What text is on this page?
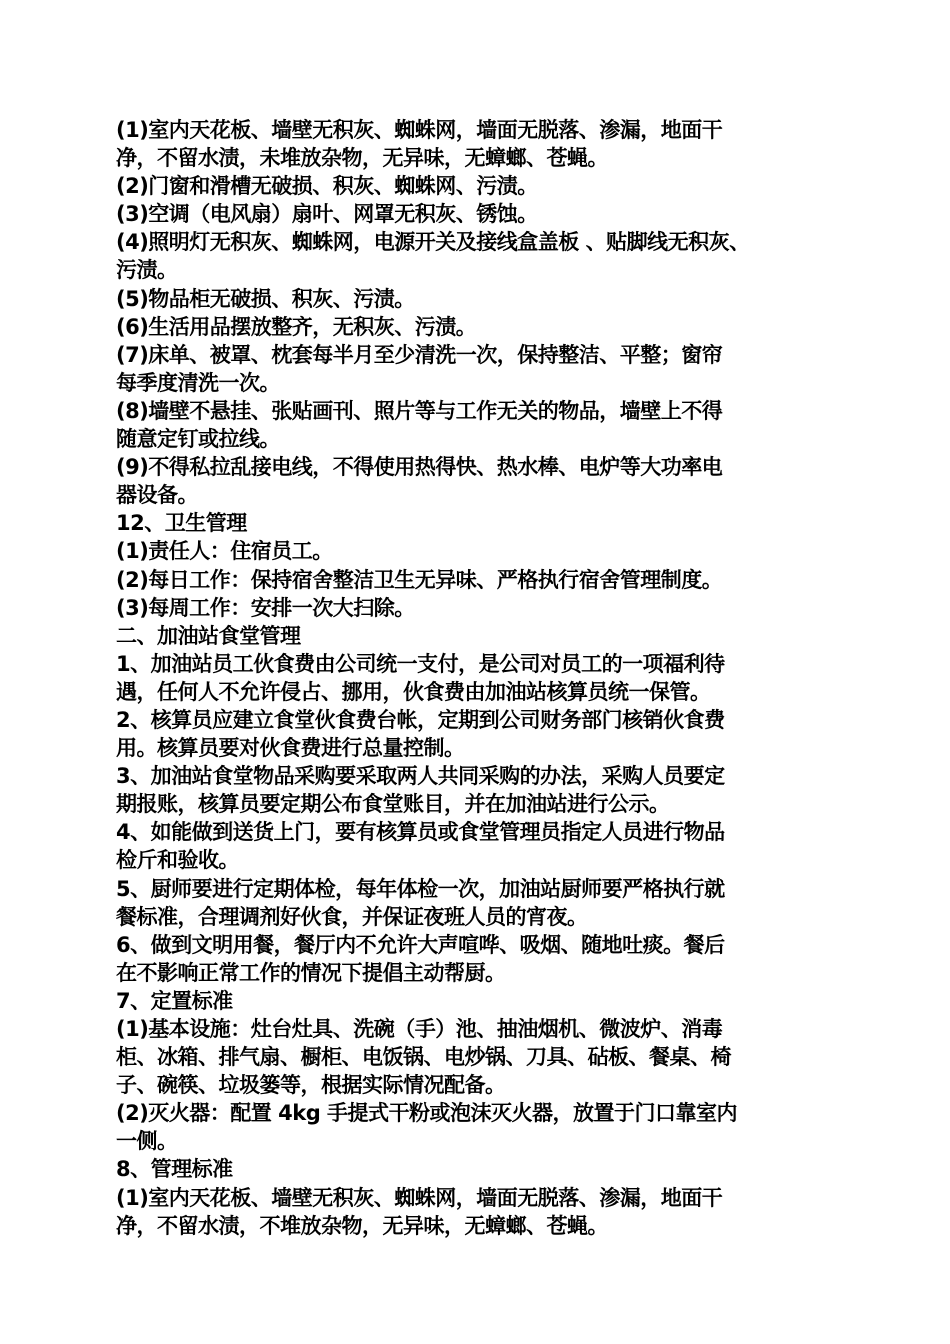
(1)室内天花板、墙壁无积灰、蜘蛛网，墙面无脱落、渗漏，地面干
净，不留水渍，未堆放杂物，无异味，无蟑螂、苍蝇。
(2)门窗和滑槽无破损、积灰、蜘蛛网、污渍。
(3)空调（电风扇）扇叶、网罩无积灰、锈蚀。
(4)照明灯无积灰、蜘蛛网，电源开关及接线盒盖板 、贴脚线无积灰、
污渍。
(5)物品柜无破损、积灰、污渍。
(6)生活用品摆放整齐，无积灰、污渍。
(7)床单、被罩、枕套每半月至少清洗一次，保持整洁、平整；窗帘
每季度清洗一次。
(8)墙壁不悬挂、张贴画刊、照片等与工作无关的物品，墙壁上不得
随意定钉或拉线。
(9)不得私拉乱接电线，不得使用热得快、热水棒、电炉等大功率电
器设备。
12、卫生管理
(1)责任人：住宿员工。
(2)每日工作：保持宿舍整洁卫生无异味、严格执行宿舍管理制度。
(3)每周工作：安排一次大扫除。
二、加油站食堂管理
1、加油站员工伙食费由公司统一支付，是公司对员工的一项福利待
遇，任何人不允许侵占、挪用，伙食费由加油站核算员统一保管。
2、核算员应建立食堂伙食费台帐，定期到公司财务部门核销伙食费
用。核算员要对伙食费进行总量控制。
3、加油站食堂物品采购要采取两人共同采购的办法，采购人员要定
期报账，核算员要定期公布食堂账目，并在加油站进行公示。
4、如能做到送货上门，要有核算员或食堂管理员指定人员进行物品
检斤和验收。
5、厨师要进行定期体检，每年体检一次，加油站厨师要严格执行就
餐标准，合理调剂好伙食，并保证夜班人员的宵夜。
6、做到文明用餐，餐厅内不允许大声喧哗、吸烟、随地吐痰。餐后
在不影响正常工作的情况下提倡主动帮厨。
7、定置标准
(1)基本设施：灶台灶具、洗碗（手）池、抽油烟机、微波炉、消毒
柜、冰箱、排气扇、橱柜、电饭锅、电炒锅、刀具、砧板、餐桌、椅
子、碗筷、垃圾篓等，根据实际情况配备。
(2)灭火器：配置 4kg 手提式干粉或泡沫灭火器，放置于门口靠室内
一侧。
8、管理标准
(1)室内天花板、墙壁无积灰、蜘蛛网，墙面无脱落、渗漏，地面干
净，不留水渍，不堆放杂物，无异味，无蟑螂、苍蝇。
